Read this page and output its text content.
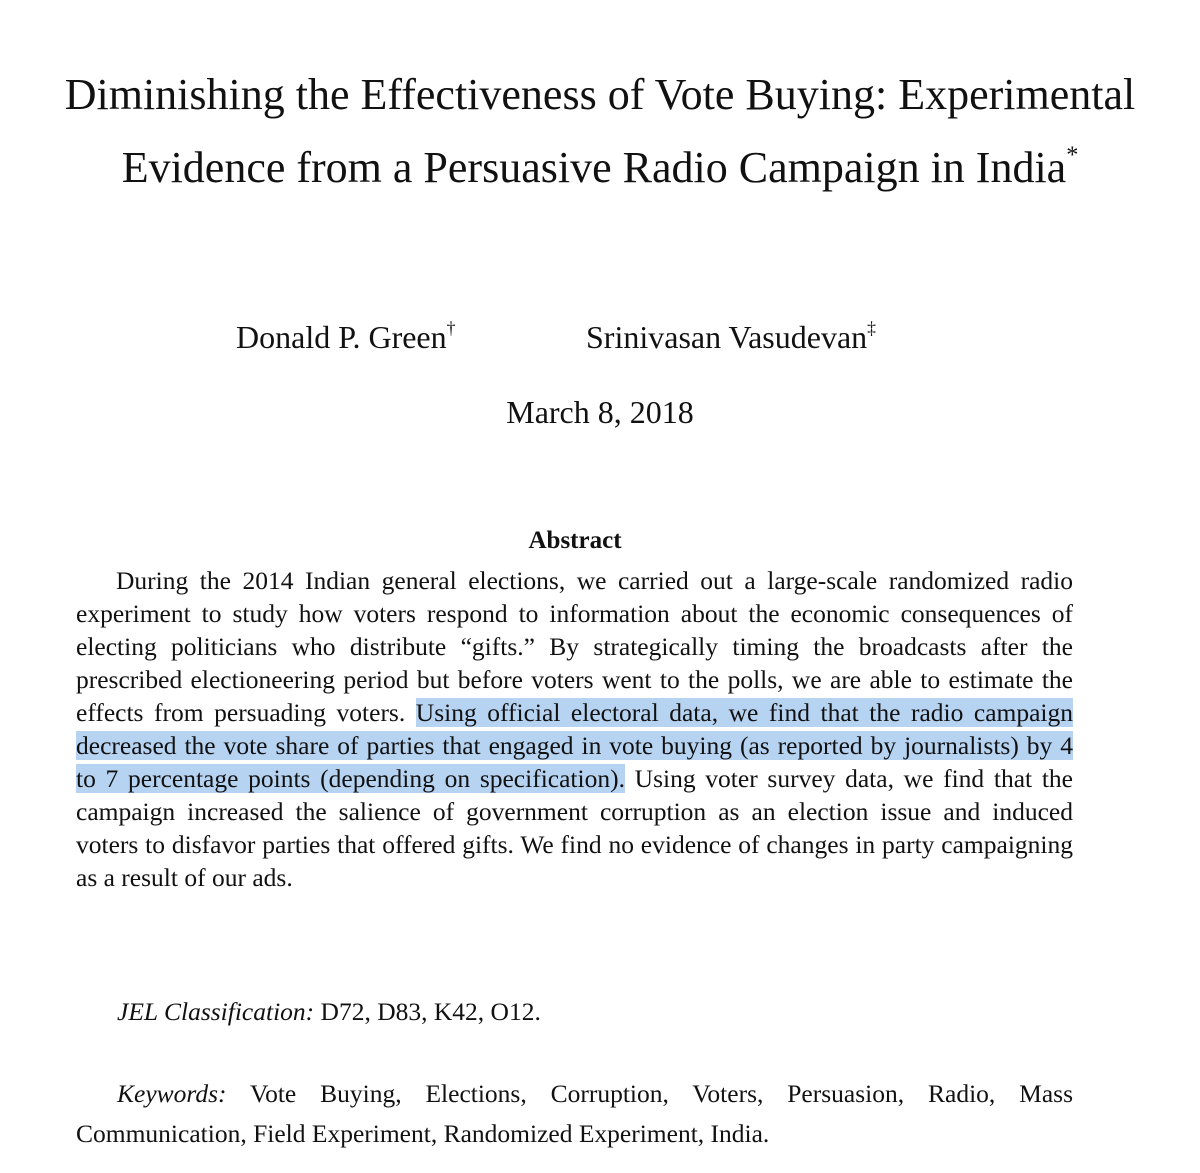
Diminishing the Effectiveness of Vote Buying: Experimental Evidence from a Persuasive Radio Campaign in India*
Donald P. Green†	Srinivasan Vasudevan‡
March 8, 2018
Abstract

During the 2014 Indian general elections, we carried out a large-scale randomized radio experiment to study how voters respond to information about the economic consequences of electing politicians who distribute “gifts.” By strategically timing the broadcasts after the prescribed electioneering period but before voters went to the polls, we are able to estimate the effects from persuading voters. Using official electoral data, we find that the radio campaign decreased the vote share of parties that engaged in vote buying (as reported by journalists) by 4 to 7 percentage points (depending on specification). Using voter survey data, we find that the campaign increased the salience of government corruption as an election issue and induced voters to disfavor parties that offered gifts. We find no evidence of changes in party campaigning as a result of our ads.

JEL Classification: D72, D83, K42, O12.

Keywords: Vote Buying, Elections, Corruption, Voters, Persuasion, Radio, Mass Communication, Field Experiment, Randomized Experiment, India.
